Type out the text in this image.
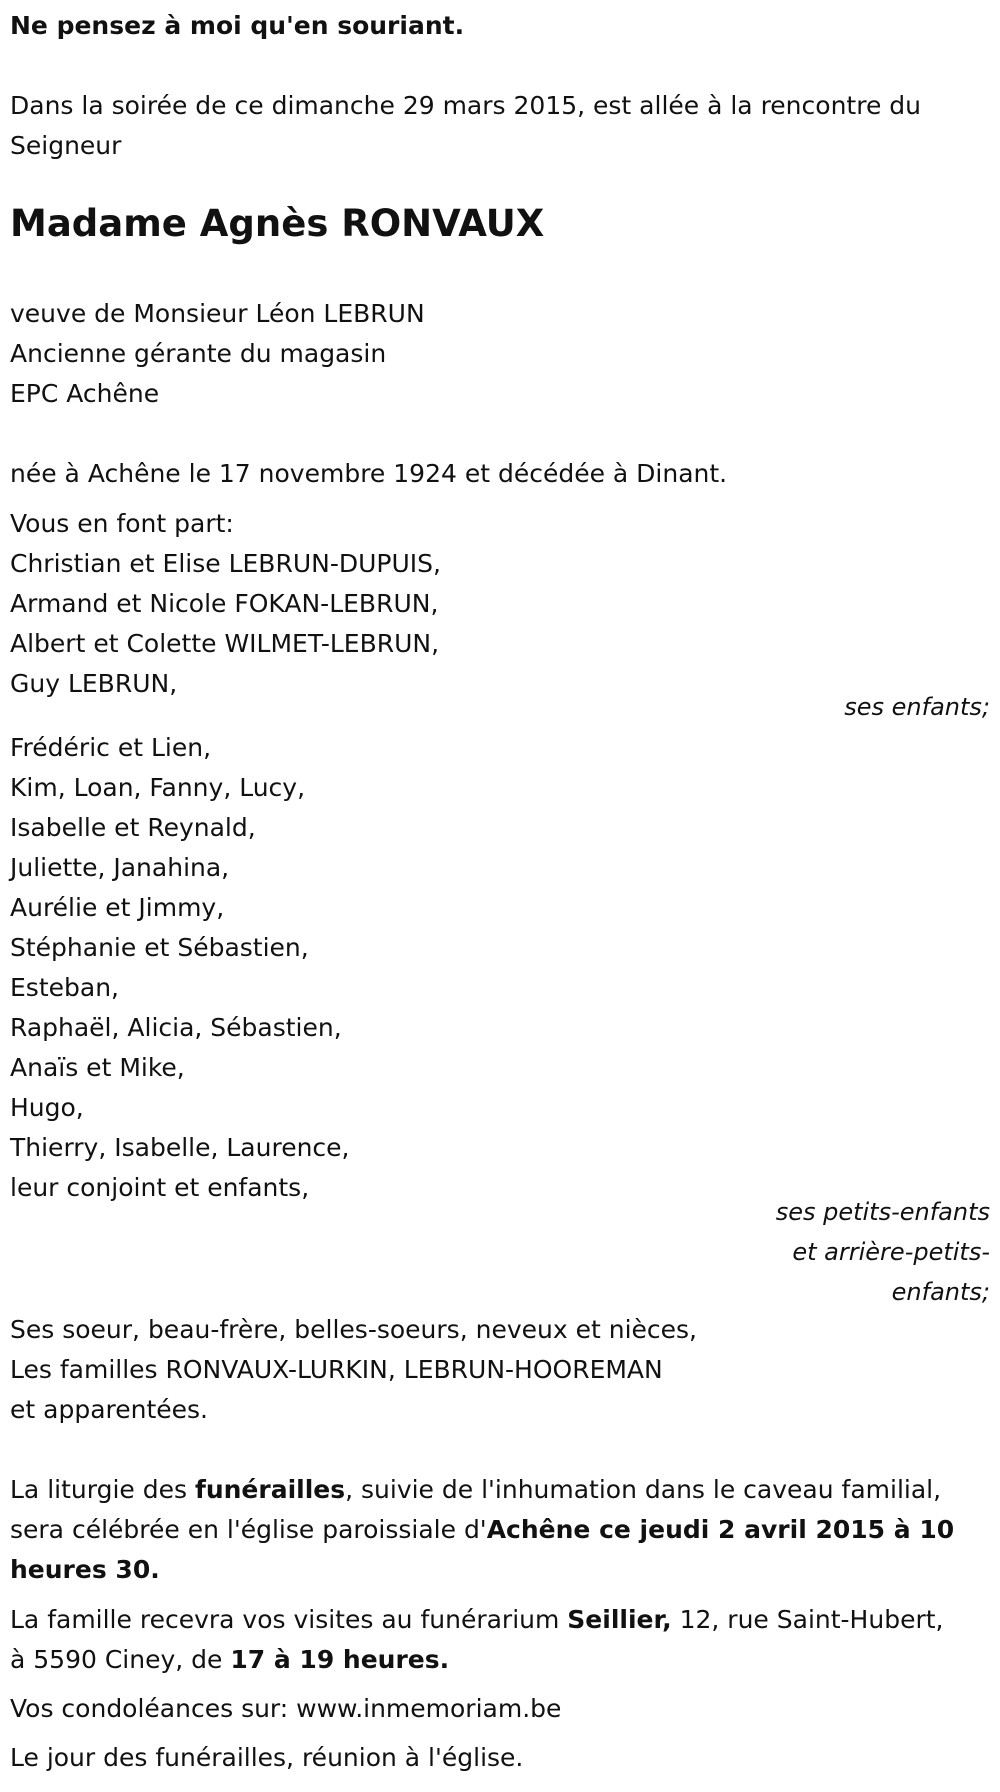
Ne pensez à moi qu'en souriant.

Dans la soirée de ce dimanche 29 mars 2015, est allée à la rencontre du
Seigneur
Madame Agnès RONVAUX
veuve de Monsieur Léon LEBRUN
Ancienne gérante du magasin
EPC Achêne

née à Achêne le 17 novembre 1924 et décédée à Dinant.

Vous en font part:
Christian et Elise LEBRUN-DUPUIS,
Armand et Nicole FOKAN-LEBRUN,
Albert et Colette WILMET-LEBRUN,
Guy LEBRUN,
ses enfants;
Frédéric et Lien,
Kim, Loan, Fanny, Lucy,
Isabelle et Reynald,
Juliette, Janahina,
Aurélie et Jimmy,
Stéphanie et Sébastien,
Esteban,
Raphaël, Alicia, Sébastien,
Anaïs et Mike,
Hugo,
Thierry, Isabelle, Laurence,
leur conjoint et enfants,
ses petits-enfants
et arrière-petits-
enfants;
Ses soeur, beau-frère, belles-soeurs, neveux et nièces,
Les familles RONVAUX-LURKIN, LEBRUN-HOOREMAN
et apparentées.
La liturgie des funérailles, suivie de l'inhumation dans le caveau familial,
sera célébrée en l'église paroissiale d'Achêne ce jeudi 2 avril 2015 à 10
heures 30.
La famille recevra vos visites au funérarium Seillier, 12, rue Saint-Hubert,
à 5590 Ciney, de 17 à 19 heures.

Vos condoléances sur: www.inmemoriam.be

Le jour des funérailles, réunion à l'église.
